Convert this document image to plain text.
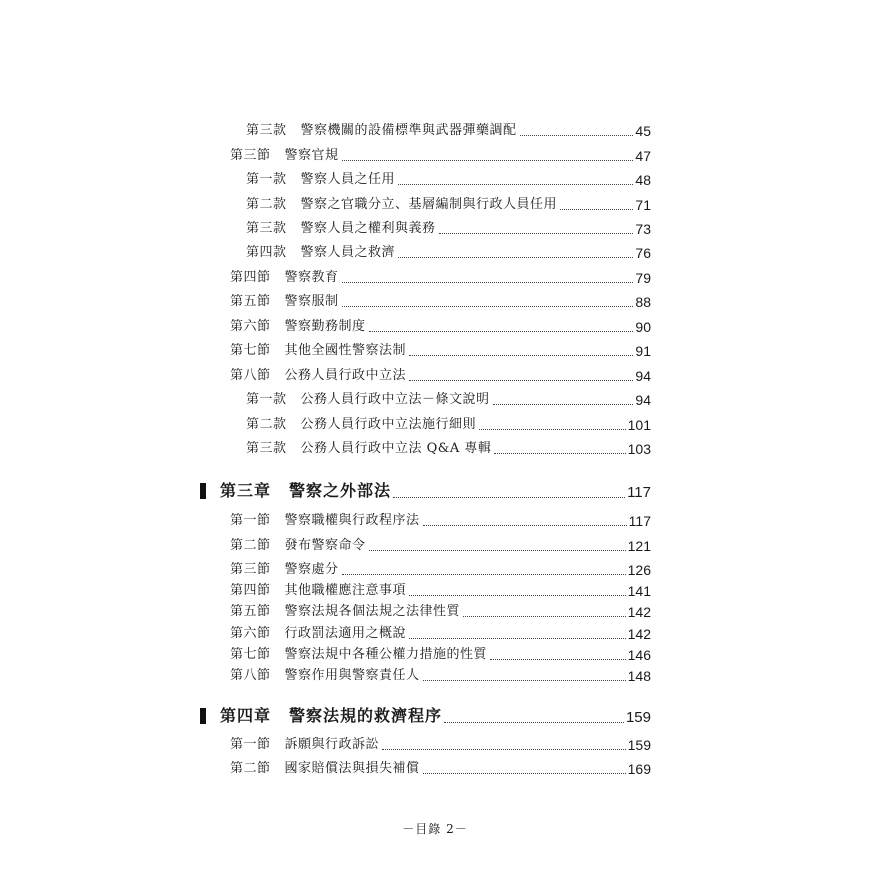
第三款 警察機關的設備標準與武器彈藥調配	45
第三節 警察官規	47
第一款 警察人員之任用	48
第二款 警察之官職分立、基層編制與行政人員任用	71
第三款 警察人員之權利與義務	73
第四款 警察人員之救濟	76
第四節 警察教育	79
第五節 警察服制	88
第六節 警察勤務制度	90
第七節 其他全國性警察法制	91
第八節 公務人員行政中立法	94
第一款 公務人員行政中立法－條文說明	94
第二款 公務人員行政中立法施行細則	101
第三款 公務人員行政中立法 Q&A 專輯	103
第三章 警察之外部法	117
第一節 警察職權與行政程序法	117
第二節 發布警察命令	121
第三節 警察處分	126
第四節 其他職權應注意事項	141
第五節 警察法規各個法規之法律性質	142
第六節 行政罰法適用之概說	142
第七節 警察法規中各種公權力措施的性質	146
第八節 警察作用與警察責任人	148
第四章 警察法規的救濟程序	159
第一節 訴願與行政訴訟	159
第二節 國家賠償法與損失補償	169
－目錄 2－
